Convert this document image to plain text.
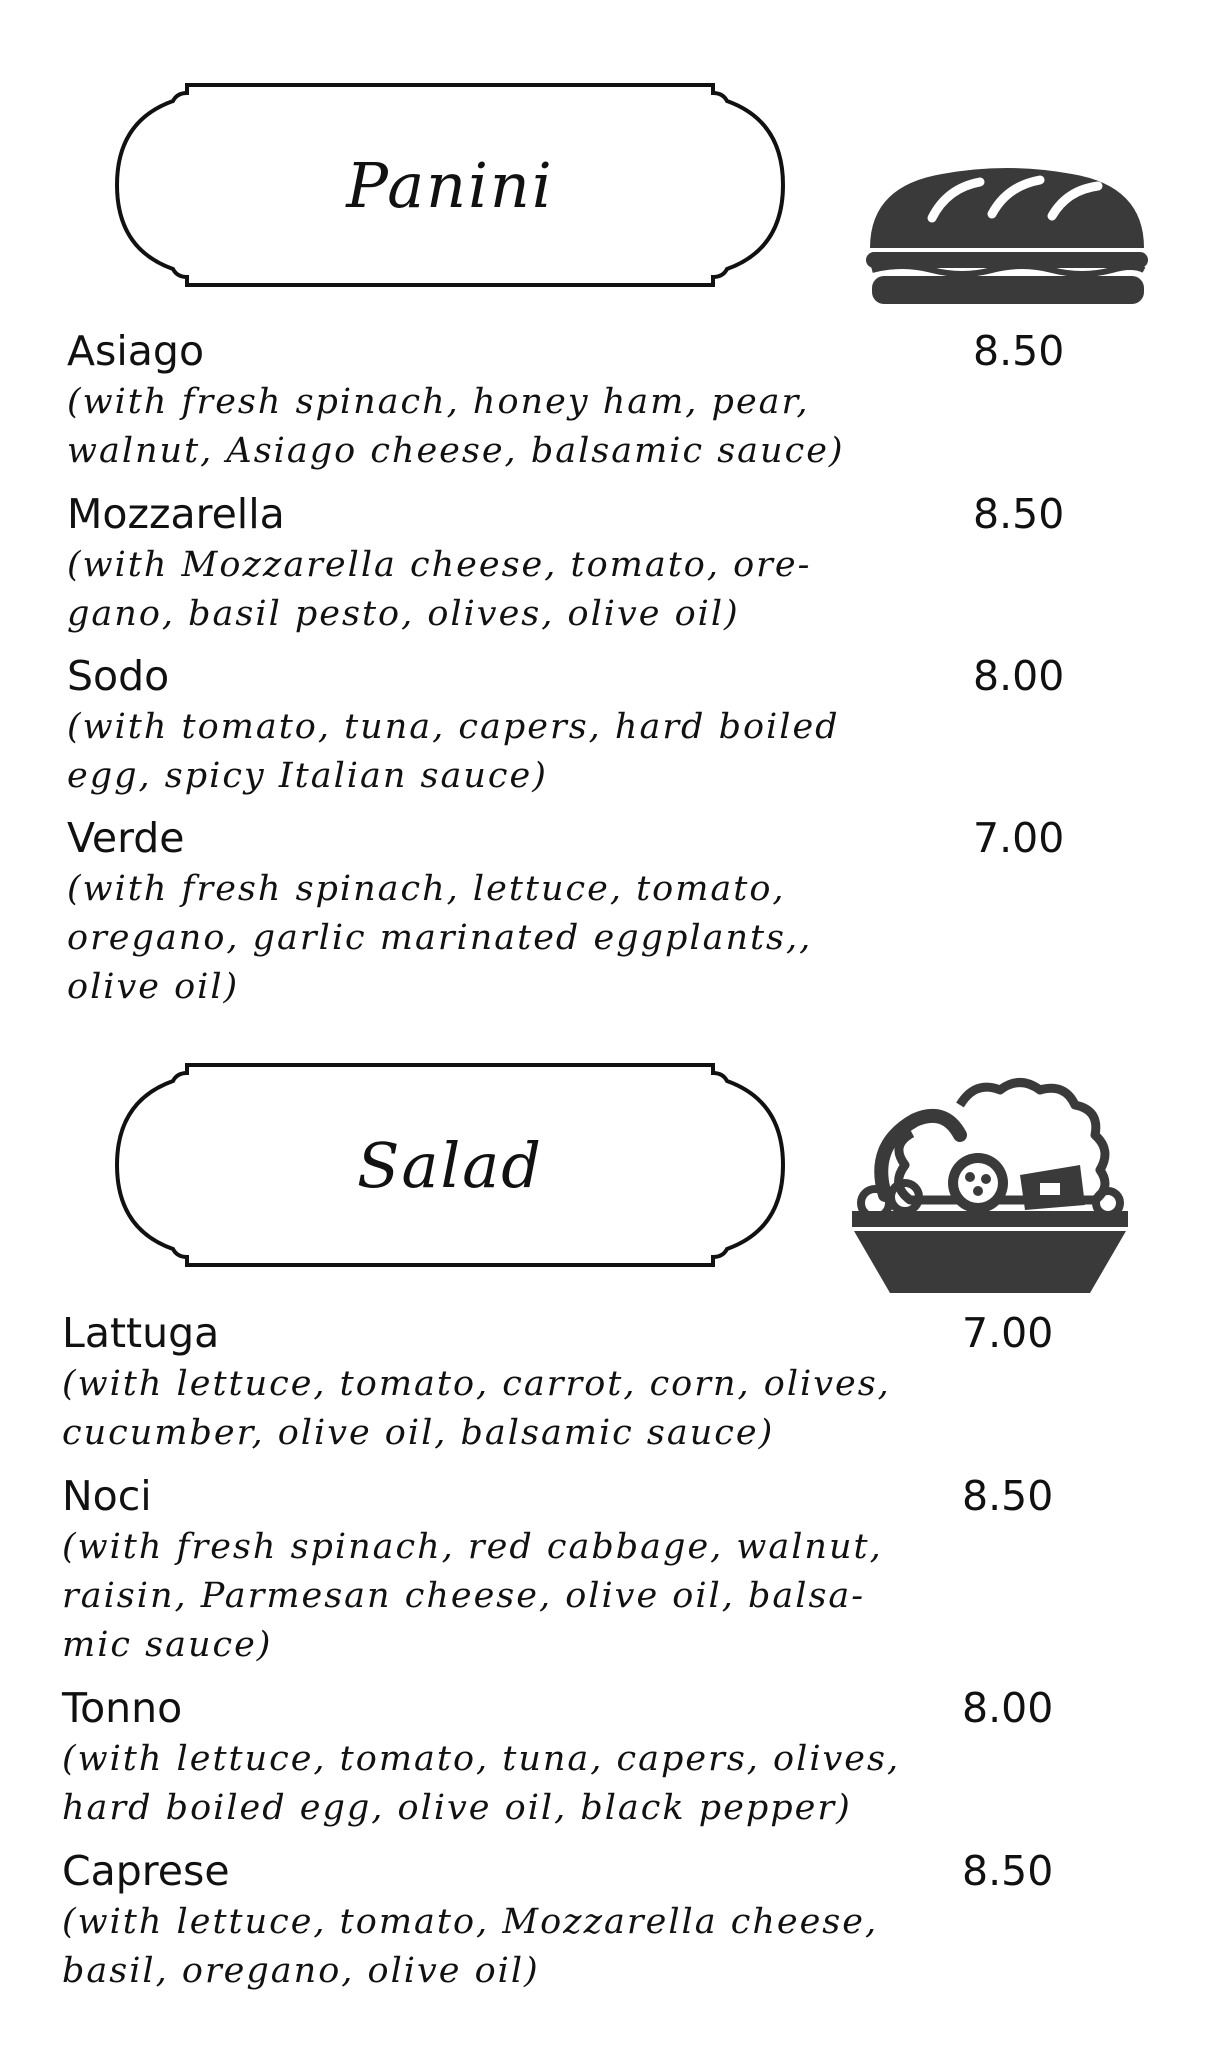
Panini
Asiago	8.50
(with fresh spinach, honey ham, pear,
walnut, Asiago cheese, balsamic sauce)
Mozzarella	8.50
(with Mozzarella cheese, tomato, ore-
gano, basil pesto, olives, olive oil)
Sodo	8.00
(with tomato, tuna, capers, hard boiled
egg, spicy Italian sauce)
Verde	7.00
(with fresh spinach, lettuce, tomato,
oregano, garlic marinated eggplants,,
olive oil)
Salad
Lattuga	7.00
(with lettuce, tomato, carrot, corn, olives,
cucumber, olive oil, balsamic sauce)
Noci	8.50
(with fresh spinach, red cabbage, walnut,
raisin, Parmesan cheese, olive oil, balsa-
mic sauce)
Tonno	8.00
(with lettuce, tomato, tuna, capers, olives,
hard boiled egg, olive oil, black pepper)
Caprese	8.50
(with lettuce, tomato, Mozzarella cheese,
basil, oregano, olive oil)
